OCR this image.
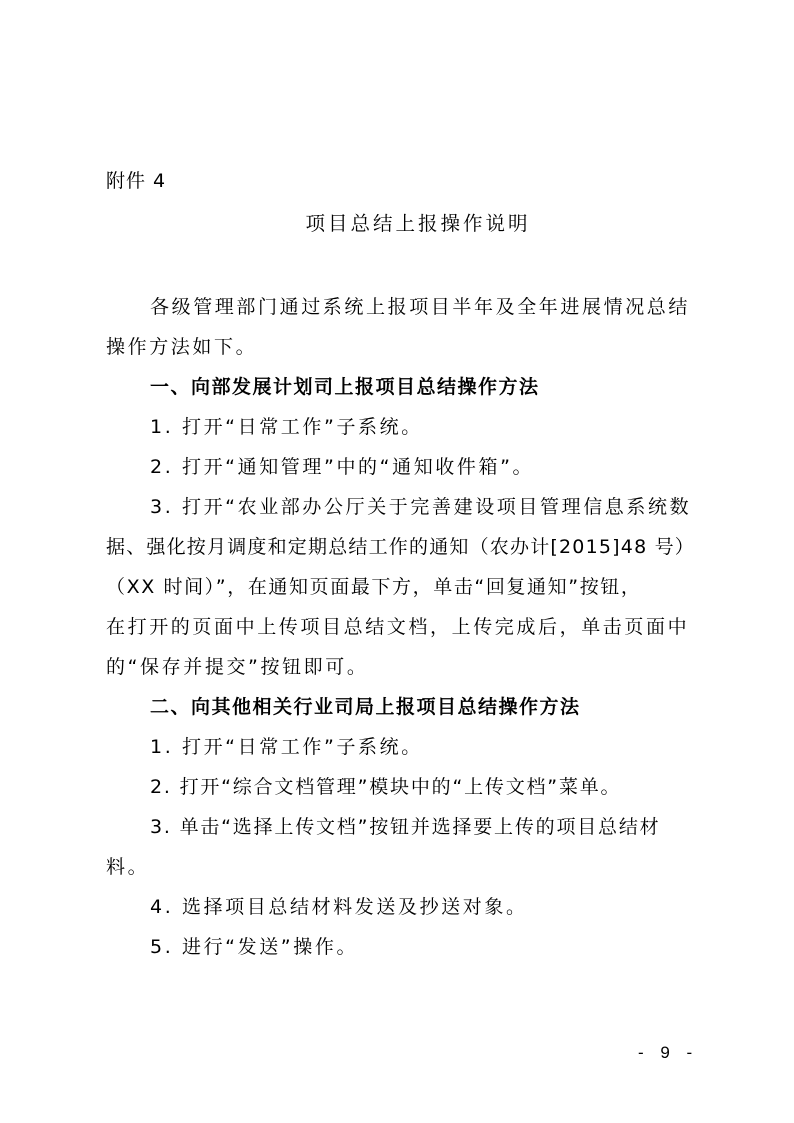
附件 4
项目总结上报操作说明
各级管理部门通过系统上报项目半年及全年进展情况总结
操作方法如下。
一、向部发展计划司上报项目总结操作方法
1. 打开“日常工作”子系统。
2. 打开“通知管理”中的“通知收件箱”。
3. 打开“农业部办公厅关于完善建设项目管理信息系统数
据、强化按月调度和定期总结工作的通知（农办计[2015]48 号）
（XX 时间）”，在通知页面最下方，单击“回复通知”按钮，
在打开的页面中上传项目总结文档，上传完成后，单击页面中
的“保存并提交”按钮即可。
二、向其他相关行业司局上报项目总结操作方法
1. 打开“日常工作”子系统。
2. 打开“综合文档管理”模块中的“上传文档”菜单。
3. 单击“选择上传文档”按钮并选择要上传的项目总结材
料。
4. 选择项目总结材料发送及抄送对象。
5. 进行“发送”操作。
- 9 -
